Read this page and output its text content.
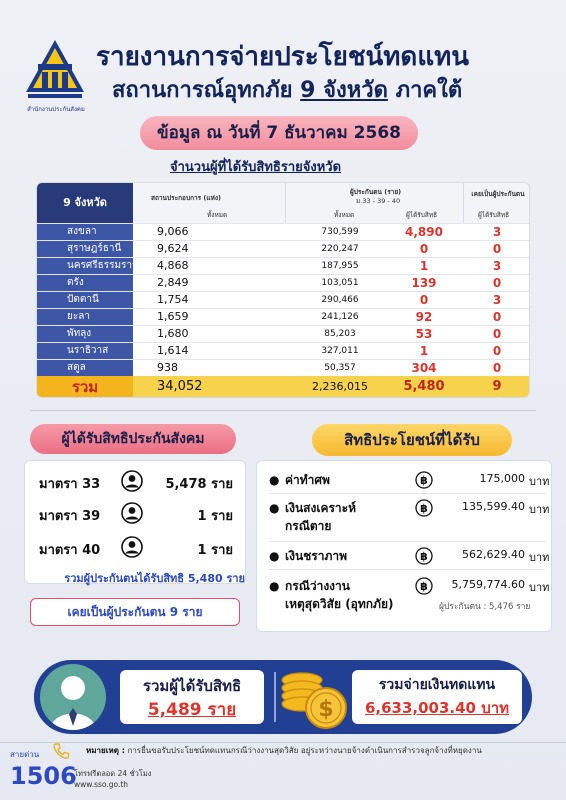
สำนักงานประกันสังคม
รายงานการจ่ายประโยชน์ทดแทน
สถานการณ์อุทกภัย 9 จังหวัด ภาคใต้
ข้อมูล ณ วันที่ 7 ธันวาคม 2568
จำนวนผู้ที่ได้รับสิทธิรายจังหวัด
9 จังหวัด	สถานประกอบการ (แห่ง)
ทั้งหมด
ผู้ประกันตน (ราย)
ม.33 - 39 - 40
ทั้งหมด	ผู้ได้รับสิทธิ
เคยเป็นผู้ประกันตน
ผู้ได้รับสิทธิ
สงขลา	9,066	730,599	4,890	3
สุราษฎร์ธานี	9,624	220,247	0	0
นครศรีธรรมราช 4,868	187,955	1	3
ตรัง	2,849	103,051	139	0
ปัตตานี	1,754	290,466	0	3
ยะลา	1,659	241,126	92	0
พัทลุง	1,680	85,203	53	0
นราธิวาส	1,614	327,011	1	0
สตูล	938	50,357	304	0
รวม	34,052	2,236,015	5,480	9
ผู้ได้รับสิทธิประกันสังคม
มาตรา 33	5,478 ราย
มาตรา 39	1 ราย
มาตรา 40	1 ราย
รวมผู้ประกันตนได้รับสิทธิ 5,480 ราย
เคยเป็นผู้ประกันตน 9 ราย
สิทธิประโยชน์ที่ได้รับ
● ค่าทำศพ	฿	175,000 บาท
● เงินสงเคราะห์
กรณีตาย
฿	135,599.40 บาท
● เงินชราภาพ	฿	562,629.40 บาท
● กรณีว่างงาน
เหตุสุดวิสัย (อุทกภัย)
฿	5,759,774.60 บาท
ผู้ประกันตน : 5,476 ราย
รวมผู้ได้รับสิทธิ
5,489 ราย	$
รวมจ่ายเงินทดแทน
6,633,003.40 บาท
สายด่วน
1506
โทรฟรีตลอด 24 ชั่วโมง
www.sso.go.th
หมายเหตุ : การยื่นขอรับประโยชน์ทดแทนกรณีว่างงานสุดวิสัย อยู่ระหว่างนายจ้างดำเนินการสำรวจลูกจ้างที่หยุดงาน
